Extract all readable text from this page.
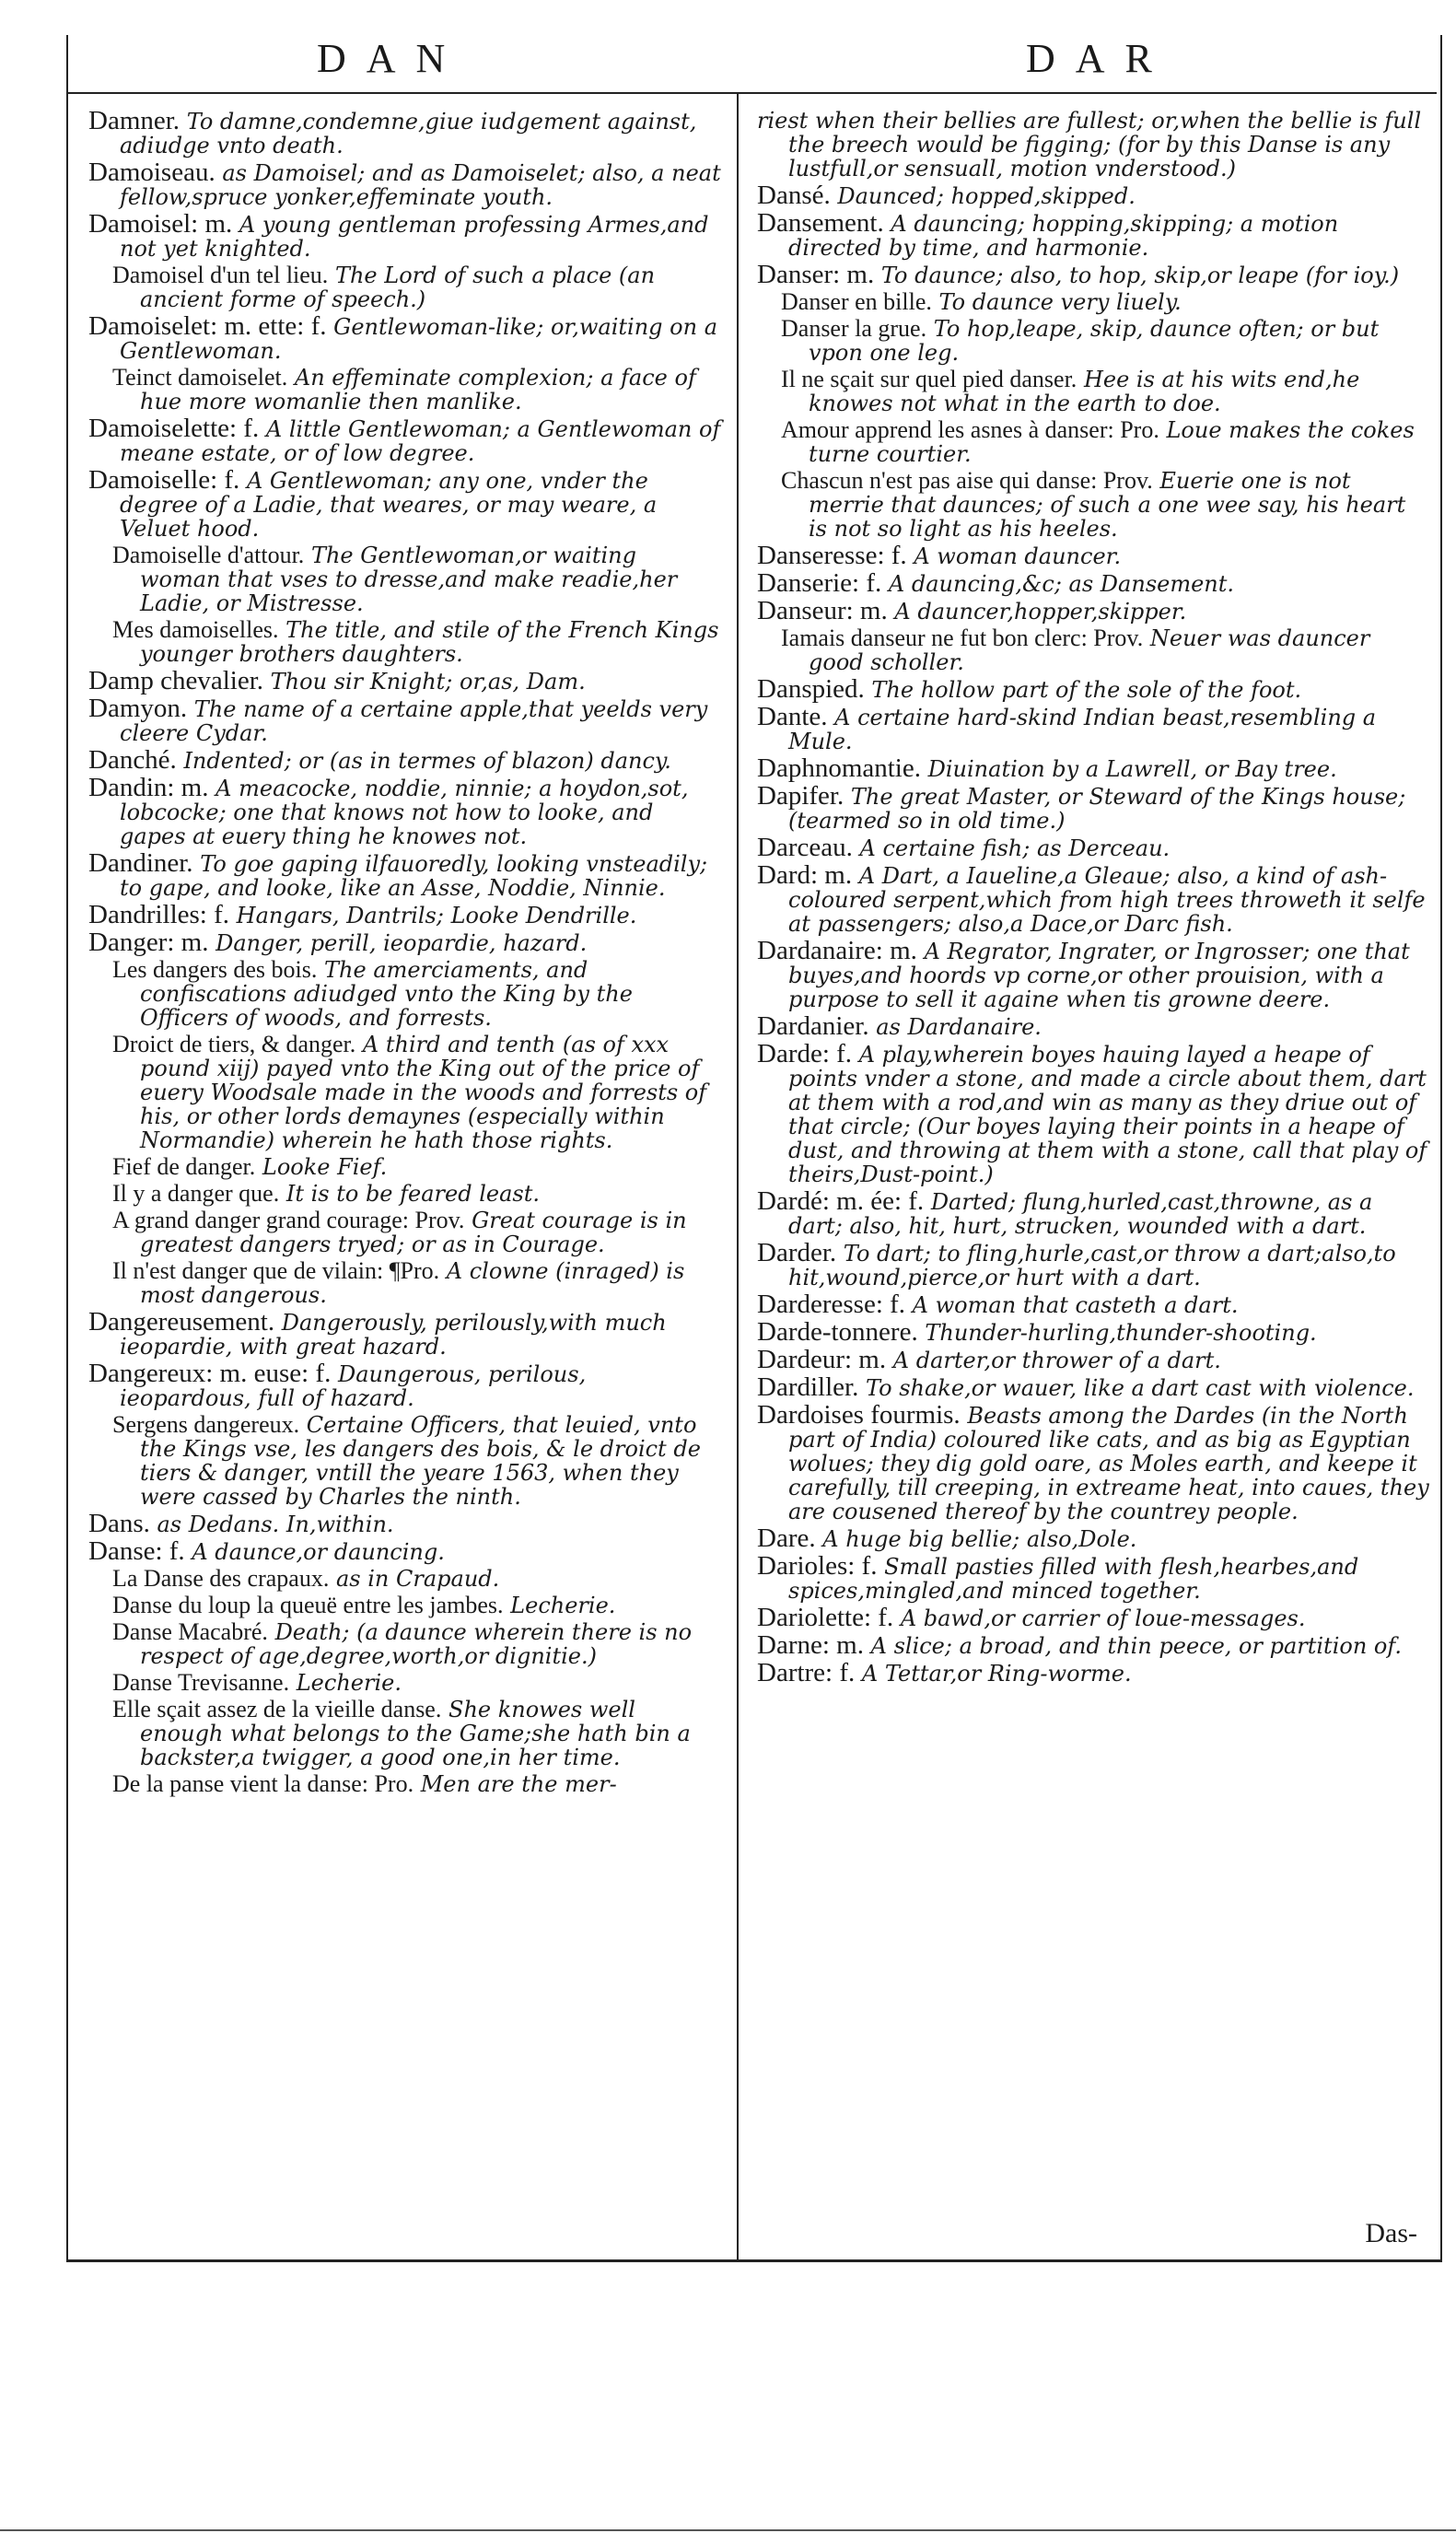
DAN	DAR
Damner. To damne,condemne,giue iudgement against, adiudge vnto death.
Damoiseau. as Damoisel; and as Damoiselet; also, a neat fellow,spruce yonker,effeminate youth.
Damoisel: m. A young gentleman professing Armes,and not yet knighted.
Damoisel d'un tel lieu. The Lord of such a place (an ancient forme of speech.)
Damoiselet: m. ette: f. Gentlewoman-like; or,waiting on a Gentlewoman.
Teinct damoiselet. An effeminate complexion; a face of hue more womanlie then manlike.
Damoiselette: f. A little Gentlewoman; a Gentlewoman of meane estate, or of low degree.
Damoiselle: f. A Gentlewoman; any one, vnder the degree of a Ladie, that weares, or may weare, a Veluet hood.
Damoiselle d'attour. The Gentlewoman,or waiting woman that vses to dresse,and make readie,her Ladie, or Mistresse.
Mes damoiselles. The title, and stile of the French Kings younger brothers daughters.
Damp chevalier. Thou sir Knight; or,as, Dam.
Damyon. The name of a certaine apple,that yeelds very cleere Cydar.
Danché. Indented; or (as in termes of blazon) dancy.
Dandin: m. A meacocke, noddie, ninnie; a hoydon,sot, lobcocke; one that knows not how to looke, and gapes at euery thing he knowes not.
Dandiner. To goe gaping ilfauoredly, looking vnsteadily; to gape, and looke, like an Asse, Noddie, Ninnie.
Dandrilles: f. Hangars, Dantrils; Looke Dendrille.
Danger: m. Danger, perill, ieopardie, hazard.
Les dangers des bois. The amerciaments, and confiscations adiudged vnto the King by the Officers of woods, and forrests.
Droict de tiers, & danger. A third and tenth (as of xxx pound xiij) payed vnto the King out of the price of euery Woodsale made in the woods and forrests of his, or other lords demaynes (especially within Normandie) wherein he hath those rights.
Fief de danger. Looke Fief.
Il y a danger que. It is to be feared least.
A grand danger grand courage: Prov. Great courage is in greatest dangers tryed; or as in Courage.
Il n'est danger que de vilain: ¶Pro. A clowne (inraged) is most dangerous.
Dangereusement. Dangerously, perilously,with much ieopardie, with great hazard.
Dangereux: m. euse: f. Daungerous, perilous, ieopardous, full of hazard.
Sergens dangereux. Certaine Officers, that leuied, vnto the Kings vse, les dangers des bois, & le droict de tiers & danger, vntill the yeare 1563, when they were cassed by Charles the ninth.
Dans. as Dedans. In,within.
Danse: f. A daunce,or dauncing.
La Danse des crapaux. as in Crapaud.
Danse du loup la queuë entre les jambes. Lecherie.
Danse Macabré. Death; (a daunce wherein there is no respect of age,degree,worth,or dignitie.)
Danse Trevisanne. Lecherie.
Elle sçait assez de la vieille danse. She knowes well enough what belongs to the Game;she hath bin a backster,a twigger, a good one,in her time.
De la panse vient la danse: Pro. Men are the mer-
riest when their bellies are fullest; or,when the bellie is full the breech would be figging; (for by this Danse is any lustfull,or sensuall, motion vnderstood.)
Dansé. Daunced; hopped,skipped.
Dansement. A dauncing; hopping,skipping; a motion directed by time, and harmonie.
Danser: m. To daunce; also, to hop, skip,or leape (for ioy.)
Danser en bille. To daunce very liuely.
Danser la grue. To hop,leape, skip, daunce often; or but vpon one leg.
Il ne sçait sur quel pied danser. Hee is at his wits end,he knowes not what in the earth to doe.
Amour apprend les asnes à danser: Pro. Loue makes the cokes turne courtier.
Chascun n'est pas aise qui danse: Prov. Euerie one is not merrie that daunces; of such a one wee say, his heart is not so light as his heeles.
Danseresse: f. A woman dauncer.
Danserie: f. A dauncing,&c; as Dansement.
Danseur: m. A dauncer,hopper,skipper.
Iamais danseur ne fut bon clerc: Prov. Neuer was dauncer good scholler.
Danspied. The hollow part of the sole of the foot.
Dante. A certaine hard-skind Indian beast,resembling a Mule.
Daphnomantie. Diuination by a Lawrell, or Bay tree.
Dapifer. The great Master, or Steward of the Kings house; (tearmed so in old time.)
Darceau. A certaine fish; as Derceau.
Dard: m. A Dart, a Iaueline,a Gleaue; also, a kind of ash-coloured serpent,which from high trees throweth it selfe at passengers; also,a Dace,or Darc fish.
Dardanaire: m. A Regrator, Ingrater, or Ingrosser; one that buyes,and hoords vp corne,or other prouision, with a purpose to sell it againe when tis growne deere.
Dardanier. as Dardanaire.
Darde: f. A play,wherein boyes hauing layed a heape of points vnder a stone, and made a circle about them, dart at them with a rod,and win as many as they driue out of that circle; (Our boyes laying their points in a heape of dust, and throwing at them with a stone, call that play of theirs,Dust-point.)
Dardé: m. ée: f. Darted; flung,hurled,cast,throwne, as a dart; also, hit, hurt, strucken, wounded with a dart.
Darder. To dart; to fling,hurle,cast,or throw a dart;also,to hit,wound,pierce,or hurt with a dart.
Darderesse: f. A woman that casteth a dart.
Darde-tonnere. Thunder-hurling,thunder-shooting.
Dardeur: m. A darter,or thrower of a dart.
Dardiller. To shake,or wauer, like a dart cast with violence.
Dardoises fourmis. Beasts among the Dardes (in the North part of India) coloured like cats, and as big as Egyptian wolues; they dig gold oare, as Moles earth, and keepe it carefully, till creeping, in extreame heat, into caues, they are cousened thereof by the countrey people.
Dare. A huge big bellie; also,Dole.
Darioles: f. Small pasties filled with flesh,hearbes,and spices,mingled,and minced together.
Dariolette: f. A bawd,or carrier of loue-messages.
Darne: m. A slice; a broad, and thin peece, or partition of.
Dartre: f. A Tettar,or Ring-worme.
Das-
